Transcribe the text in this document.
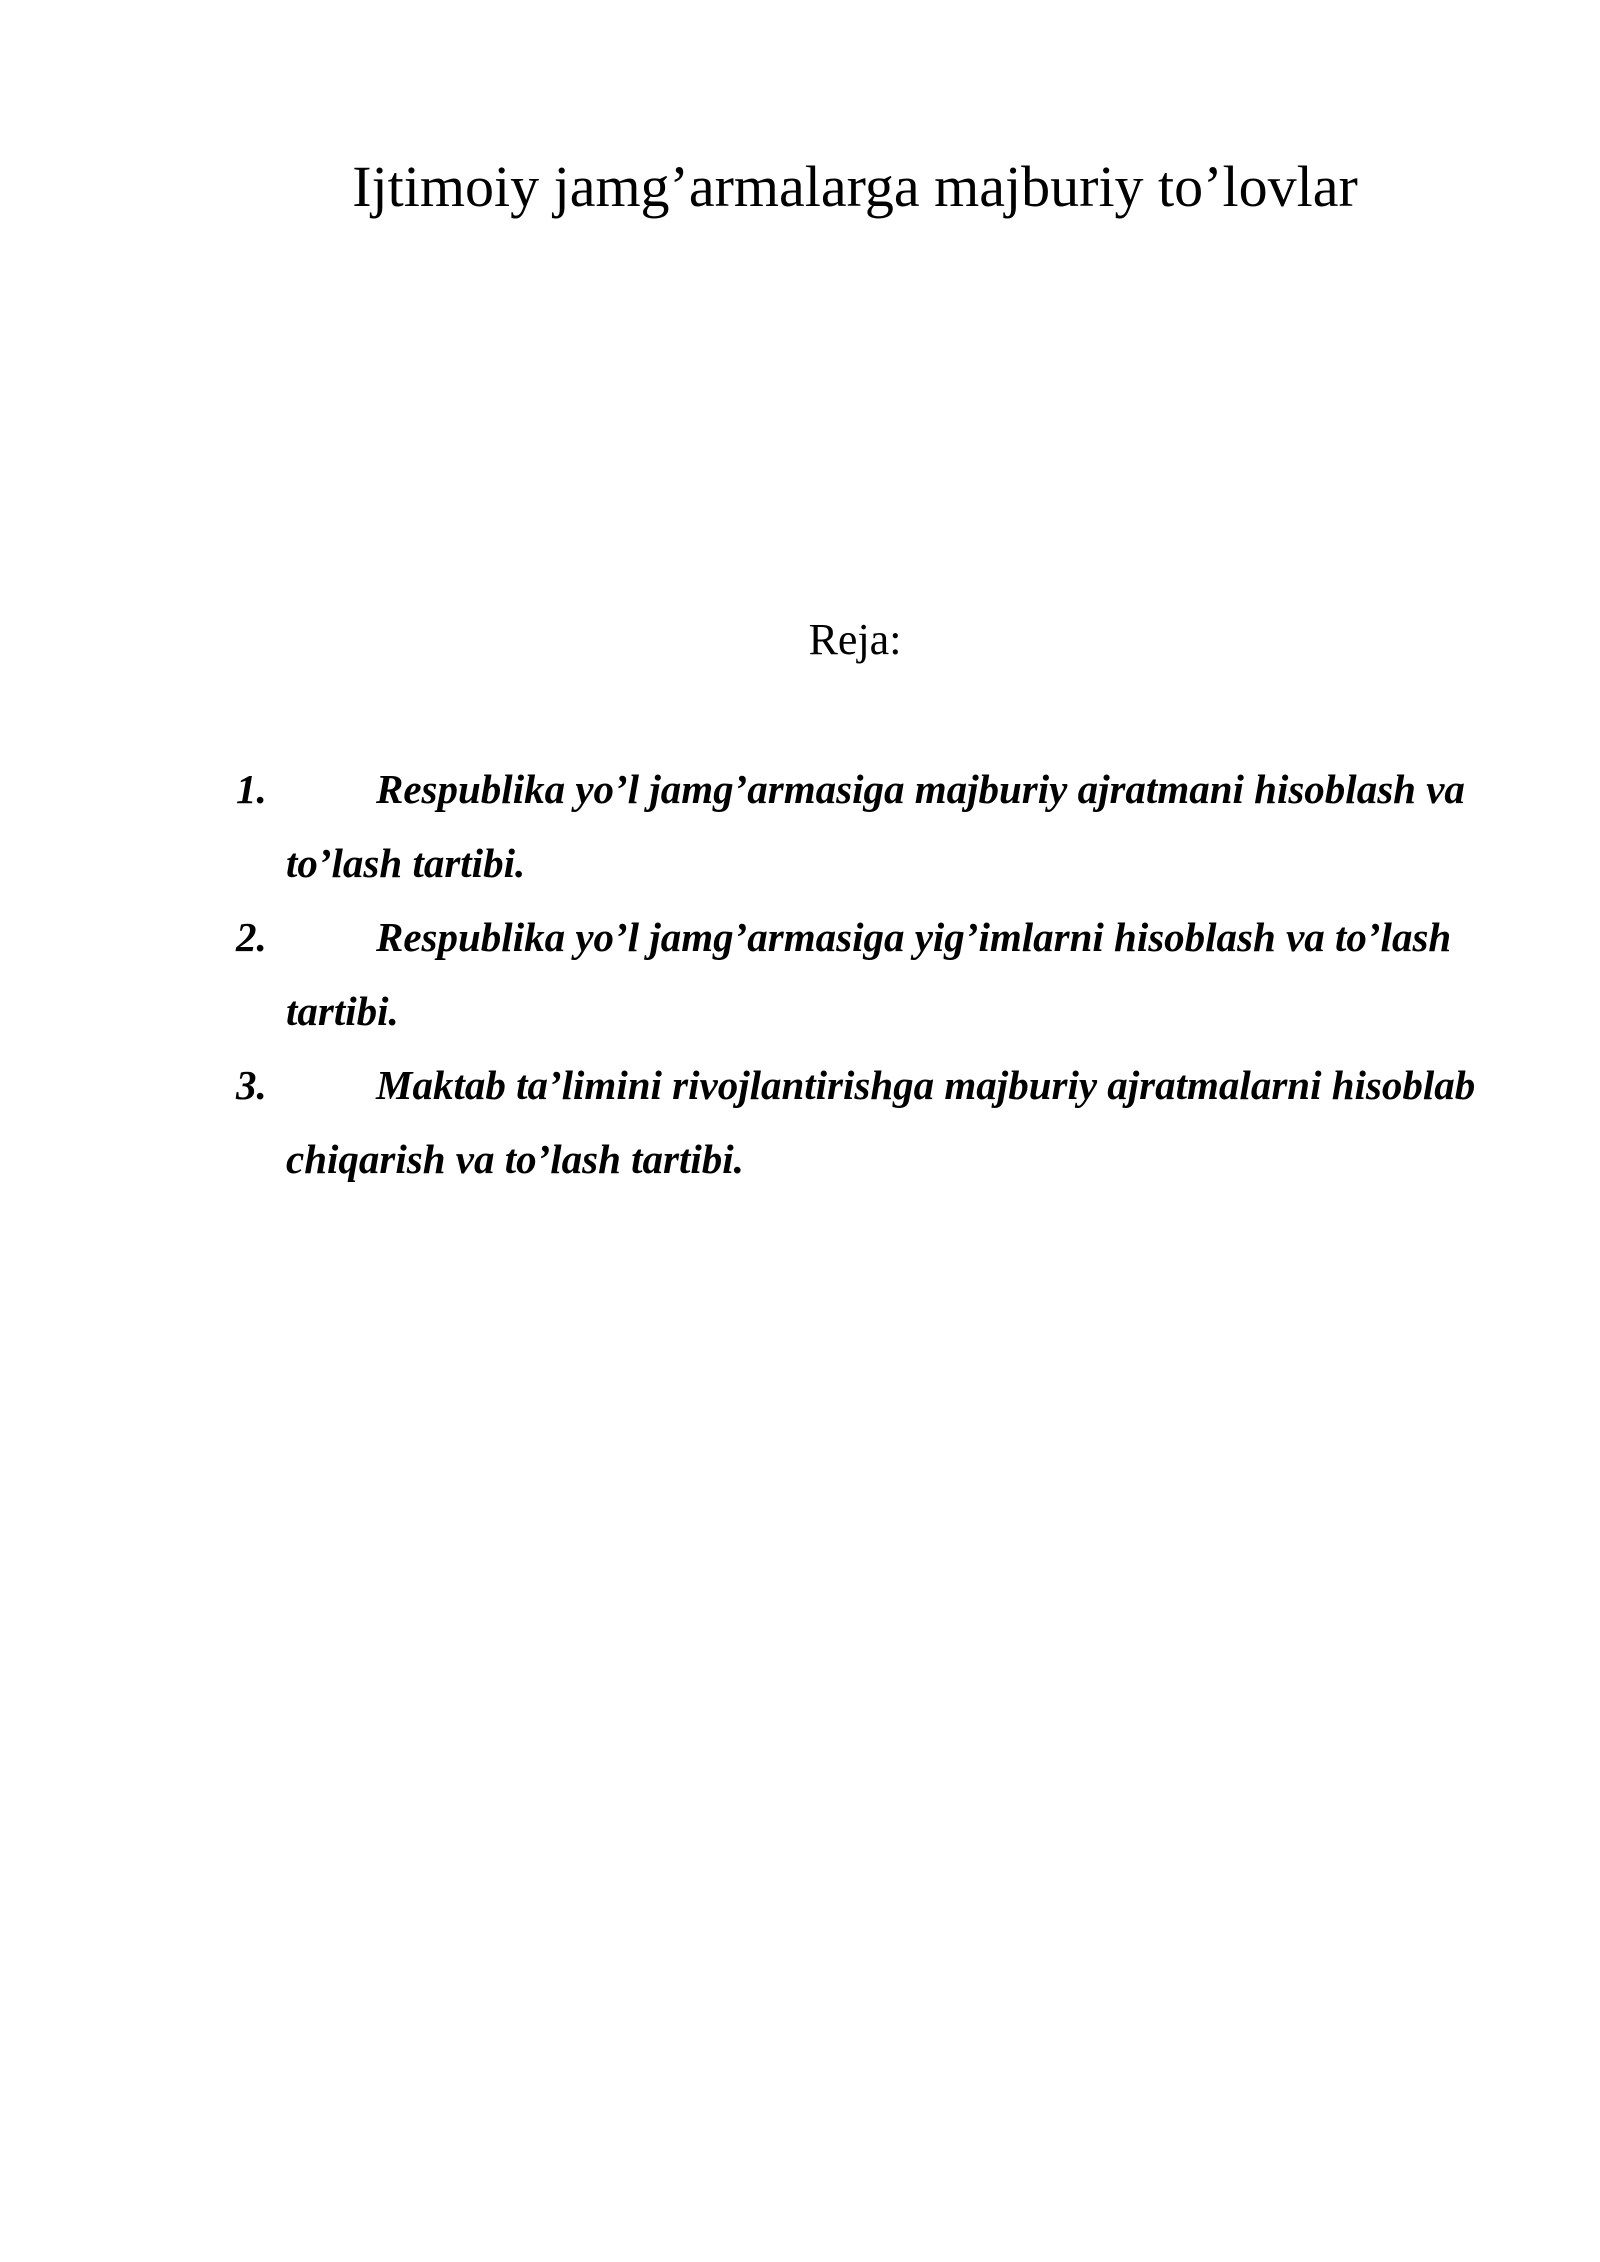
Ijtimoiy jamg’armalarga majburiy to’lovlar
Reja:
1.	Respublika yo’l jamg’armasiga majburiy ajratmani hisoblash va to’lash tartibi.
2.	Respublika yo’l jamg’armasiga yig’imlarni hisoblash va to’lash tartibi.
3.	Maktab ta’limini rivojlantirishga majburiy ajratmalarni hisoblab chiqarish va to’lash tartibi.
